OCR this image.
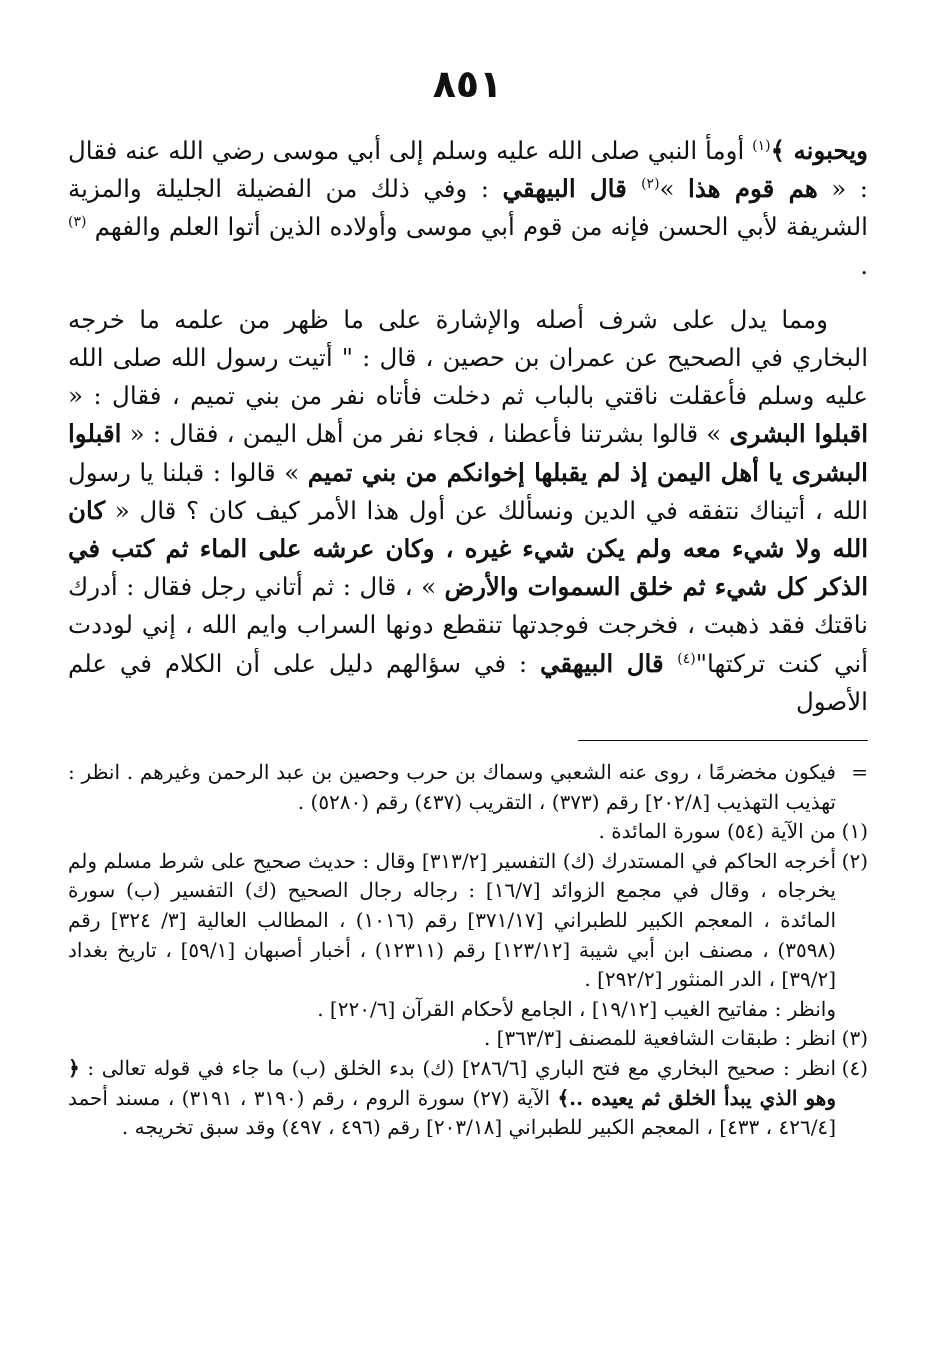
٨٥١

ويحبونه ﴾$^{(١)}$ أومأ النبي صلى الله عليه وسلم إلى أبي موسى رضي الله عنه فقال : « هم قوم هذا »$^{(٢)}$ قال البيهقي : وفي ذلك من الفضيلة الجليلة والمزية الشريفة لأبي الحسن فإنه من قوم أبي موسى وأولاده الذين أتوا العلم والفهم $^{(٣)}$ .

ومما يدل على شرف أصله والإشارة على ما ظهر من علمه ما خرجه البخاري في الصحيح عن عمران بن حصين ، قال : " أتيت رسول الله صلى الله عليه وسلم فأعقلت ناقتي بالباب ثم دخلت فأتاه نفر من بني تميم ، فقال : « اقبلوا البشرى » قالوا بشرتنا فأعطنا ، فجاء نفر من أهل اليمن ، فقال : « اقبلوا البشرى يا أهل اليمن إذ لم يقبلها إخوانكم من بني تميم » قالوا : قبلنا يا رسول الله ، أتيناك نتفقه في الدين ونسألك عن أول هذا الأمر كيف كان ؟ قال « كان الله ولا شيء معه ولم يكن شيء غيره ، وكان عرشه على الماء ثم كتب في الذكر كل شيء ثم خلق السموات والأرض » ، قال : ثم أتاني رجل فقال : أدرك ناقتك فقد ذهبت ، فخرجت فوجدتها تنقطع دونها السراب وايم الله ، إني لوددت أني كنت تركتها"$^{(٤)}$ قال البيهقي : في سؤالهم دليل على أن الكلام في علم الأصول

=
فيكون مخضرمًا ، روى عنه الشعبي وسماك بن حرب وحصين بن عبد الرحمن وغيرهم . انظر : تهذيب التهذيب [٢٠٢/٨] رقم (٣٧٣) ، التقريب (٤٣٧) رقم (٥٢٨٠) .
(١)
من الآية (٥٤) سورة المائدة .
(٢)
أخرجه الحاكم في المستدرك (ك) التفسير [٣١٣/٢] وقال : حديث صحيح على شرط مسلم ولم يخرجاه ، وقال في مجمع الزوائد [١٦/٧] : رجاله رجال الصحيح (ك) التفسير (ب) سورة المائدة ، المعجم الكبير للطبراني [٣٧١/١٧] رقم (١٠١٦) ، المطالب العالية [٣/ ٣٢٤] رقم (٣٥٩٨) ، مصنف ابن أبي شيبة [١٢٣/١٢] رقم (١٢٣١١) ، أخبار أصبهان [٥٩/١] ، تاريخ بغداد [٣٩/٢] ، الدر المنثور [٢٩٢/٢] .
وانظر : مفاتيح الغيب [١٩/١٢] ، الجامع لأحكام القرآن [٢٢٠/٦] .
(٣)
انظر : طبقات الشافعية للمصنف [٣٦٣/٣] .
(٤)
انظر : صحيح البخاري مع فتح الباري [٢٨٦/٦] (ك) بدء الخلق (ب) ما جاء في قوله تعالى : ﴿ وهو الذي يبدأ الخلق ثم يعيده ..﴾ الآية (٢٧) سورة الروم ، رقم (٣١٩٠ ، ٣١٩١) ، مسند أحمد [٤٢٦/٤ ، ٤٣٣] ، المعجم الكبير للطبراني [٢٠٣/١٨] رقم (٤٩٦ ، ٤٩٧) وقد سبق تخريجه .
